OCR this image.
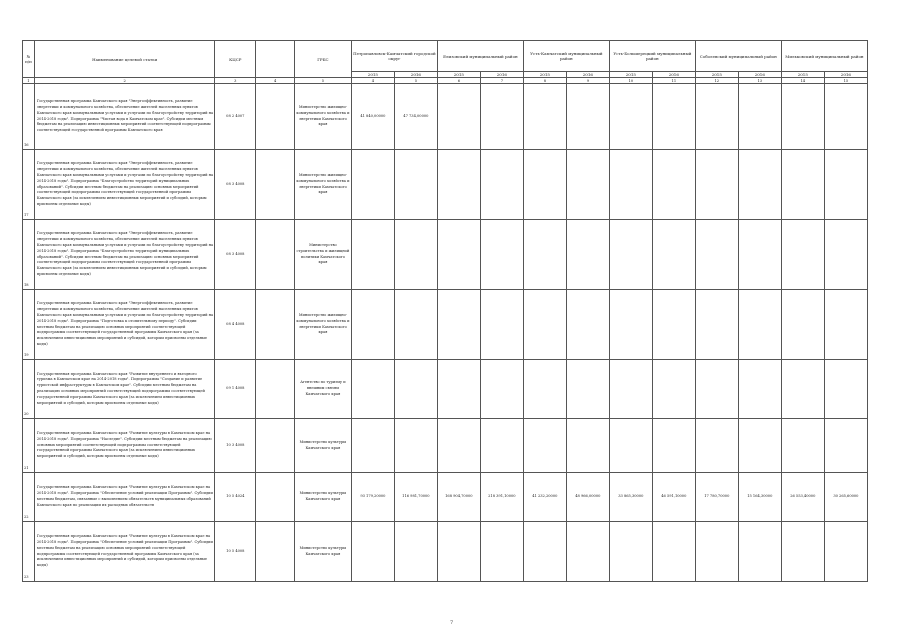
№ п/п	Наименование целевой статьи	КЦСР		ГРБС	Петропавловск-Камчатский городской округ		Елизовский муниципальный район		Усть-Камчатский муниципальный район		Усть-Большерецкий муниципальный район		Соболевский муниципальный район		Мильковский муниципальный район	
					2015	2016	2015	2016	2015	2016	2015	2016	2015	2016	2015	2016
1	2	3	4	5	4	5	6	7	8	9	10	11	12	13	14	15
16	Государственная программа Камчатского края "Энергоэффективность, развитие энергетики и коммунального хозяйства, обеспечение жителей населенных пунктов Камчатского края коммунальными услугами и услугами по благоустройству территорий на 2014-2018 годы". Подпрограмма "Чистая вода в Камчатском крае". Субсидии местным бюджетам на реализацию инвестиционных мероприятий соответствующей подпрограммы соответствующей государственной программы Камчатского края	08 2 4007		Министерство жилищно-коммунального хозяйства и энергетики Камчатского края	41 840,00000	47 734,00000										
17	Государственная программа Камчатского края "Энергоэффективность, развитие энергетики и коммунального хозяйства, обеспечение жителей населенных пунктов Камчатского края коммунальными услугами и услугами по благоустройству территорий на 2014-2018 годы". Подпрограмма "Благоустройство территорий муниципальных образований". Субсидии местным бюджетам на реализацию основных мероприятий соответствующей подпрограммы соответствующей государственной программы Камчатского края (за исключением инвестиционных мероприятий и субсидий, которым присвоены отдельные коды)	08 3 4008		Министерство жилищно-коммунального хозяйства и энергетики Камчатского края												
18	Государственная программа Камчатского края "Энергоэффективность, развитие энергетики и коммунального хозяйства, обеспечение жителей населенных пунктов Камчатского края коммунальными услугами и услугами по благоустройству территорий на 2014-2018 годы". Подпрограмма "Благоустройство территорий муниципальных образований". Субсидии местным бюджетам на реализацию основных мероприятий соответствующей подпрограммы соответствующей государственной программы Камчатского края (за исключением инвестиционных мероприятий и субсидий, которым присвоены отдельные коды)	08 3 4008		Министерство строительства и жилищной политики Камчатского края												
19	Государственная программа Камчатского края "Энергоэффективность, развитие энергетики и коммунального хозяйства, обеспечение жителей населенных пунктов Камчатского края коммунальными услугами и услугами по благоустройству территорий на 2014-2018 годы". Подпрограмма "Подготовка к отопительному периоду". Субсидии местным бюджетам на реализацию основных мероприятий соответствующей подпрограммы соответствующей государственной программы Камчатского края (за исключением инвестиционных мероприятий и субсидий, которым присвоены отдельные коды)	08 4 4008		Министерство жилищно-коммунального хозяйства и энергетики Камчатского края												
20	Государственная программа Камчатского края "Развитие внутреннего и въездного туризма в Камчатском крае на 2014-2018 годы". Подпрограмма "Создание и развитие туристской инфраструктуры в Камчатском крае". Субсидии местным бюджетам на реализацию основных мероприятий соответствующей подпрограммы соответствующей государственной программы Камчатского края (за исключением инвестиционных мероприятий и субсидий, которым присвоены отдельные коды)	09 1 4008		Агентство по туризму и внешним связям Камчатского края												
21	Государственная программа Камчатского края "Развитие культуры в Камчатском крае на 2014-2018 годы". Подпрограмма "Наследие". Субсидии местным бюджетам на реализацию основных мероприятий соответствующей подпрограммы соответствующей государственной программы Камчатского края (за исключением инвестиционных мероприятий и субсидий, которым присвоены отдельные коды)	10 3 4008		Министерство культуры Камчатского края												
22	Государственная программа Камчатского края "Развитие культуры в Камчатском крае на 2014-2018 годы". Подпрограмма "Обеспечение условий реализации Программы". Субсидии местным бюджетам, связанные с выполнением обязательств муниципальных образований Камчатского края по реализации их расходных обязательств	10 5 4024		Министерство культуры Камчатского края	93 179,20000	116 981,70000	168 904,70000	218 391,10000	41 232,20000	48 966,00000	33 865,30000	46 591,10000	17 780,70000	15 164,30000	26 553,40000	30 265,60000
23	Государственная программа Камчатского края "Развитие культуры в Камчатском крае на 2014-2018 годы". Подпрограмма "Обеспечение условий реализации Программы". Субсидии местным бюджетам на реализацию основных мероприятий соответствующей подпрограммы соответствующей государственной программы Камчатского края (за исключением инвестиционных мероприятий и субсидий, которым присвоены отдельные коды)	10 5 4008		Министерство культуры Камчатского края												
7
